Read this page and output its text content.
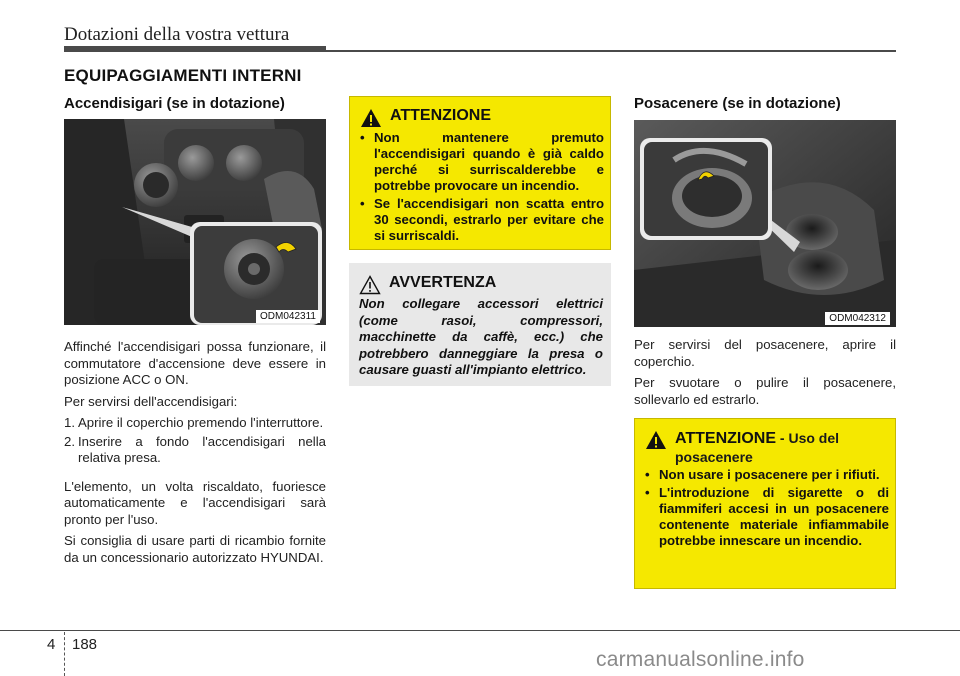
Dotazioni della vostra vettura
EQUIPAGGIAMENTI INTERNI
Accendisigari (se in dotazione)
ODM042311

Affinché l'accendisigari possa funzionare, il commutatore d'accensione deve essere in posizione ACC o ON.

Per servirsi dell'accendisigari:

1. Aprire il coperchio premendo l'interruttore.
2. Inserire a fondo l'accendisigari nella relativa presa.

L'elemento, un volta riscaldato, fuoriesce automaticamente e l'accendisigari sarà pronto per l'uso.

Si consiglia di usare parti di ricambio fornite da un concessionario autorizzato HYUNDAI.

ATTENZIONE
• Non mantenere premuto l'accendisigari quando è già caldo perché si surriscalderebbe e potrebbe provocare un incendio.
• Se l'accendisigari non scatta entro 30 secondi, estrarlo per evitare che si surriscaldi.
AVVERTENZA
Non collegare accessori elettrici (come rasoi, compressori, macchinette da caffè, ecc.) che potrebbero danneggiare la presa o causare guasti all'impianto elettrico.
Posacenere (se in dotazione)
ODM042312

Per servirsi del posacenere, aprire il coperchio.

Per svuotare o pulire il posacenere, sollevarlo ed estrarlo.

ATTENZIONE - Uso del
posacenere
• Non usare i posacenere per i rifiuti.
• L'introduzione di sigarette o di fiammiferi accesi in un posacenere contenente materiale infiammabile potrebbe innescare un incendio.
4 188
carmanualsonline.info
